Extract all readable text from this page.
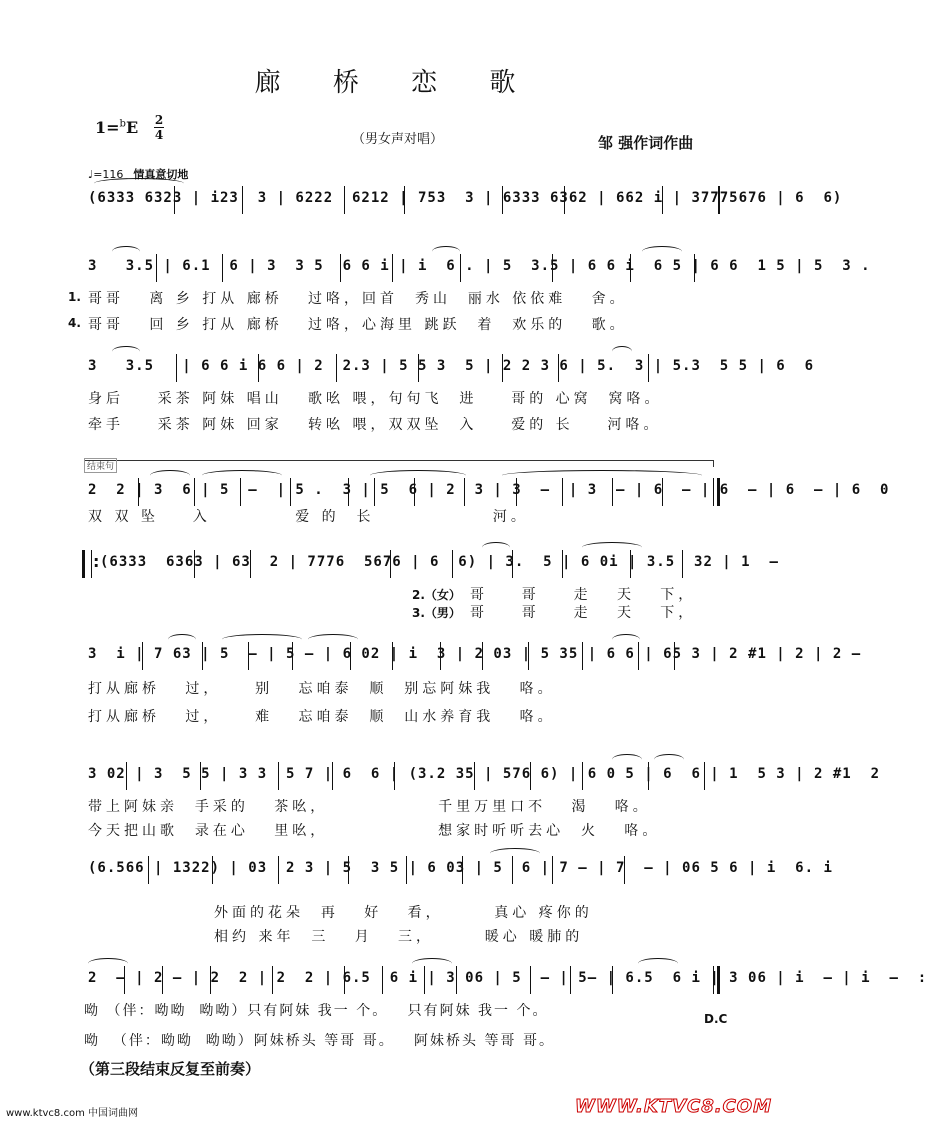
廊 桥 恋 歌
1=$^b$E 2
4	（男女声对唱）	邹 强作词作曲
♩=116 情真意切地
(6333 6323 | i23  3 | 6222  6212 | 753  3 | 6333 6362 | 662 i | 37775676 | 6  6)
3   3.5 | 6.1  6 | 3  3 5  6 6 i | i  6 . | 5  3.5 | 6 6 i  6 5 | 6 6  1 5 | 5  3 .
1. 哥哥   离 乡 打从 廊桥   过咯，回首  秀山  丽水 依依难   舍。
4. 哥哥   回 乡 打从 廊桥   过咯，心海里 跳跃  着  欢乐的   歌。
3   3.5   | 6 6 i 6 6 | 2  2.3 | 5 5 3  5 | 2 2 3 6 | 5.  3 | 5.3  5 5 | 6  6
身后    采茶 阿妹 唱山   歌吆 喂，句句飞  进    哥的 心窝  窝咯。
牵手    采茶 阿妹 回家   转吆 喂，双双坠  入    爱的 长    河咯。
结束句
2  2 | 3  6 | 5  –  | 5 .  3 | 5  6 | 2  3 | 3  –  | 3  – | 6  – | 6  – | 6  – | 6  0
双 双 坠    入          爱 的  长              河。
:
(6333  6363 | 63  2 | 7776  5676 | 6  6) | 3.  5 | 6 0i | 3.5  32 | 1  –
2.（女） 哥    哥    走   天   下，
3.（男） 哥    哥    走   天   下，
3  i | 7 63 | 5  – | 5 – | 6 02 | i  3 | 2 03 | 5 35 | 6 6 | 65 3 | 2 #1 | 2 | 2 –
打从廊桥   过，    别   忘咱泰  顺  别忘阿妹我   咯。
打从廊桥   过，    难   忘咱泰  顺  山水养育我   咯。
3 02 | 3  5 5 | 3 3  5 7 | 6  6 | (3.2 35 | 576 6) | 6 0 5 | 6  6 | 1  5 3 | 2 #1  2
带上阿妹亲  手采的   茶吆，             千里万里口不   渴   咯。
今天把山歌  录在心   里吆，             想家时听听去心  火   咯。
(6.566 | 1322) | 03  2 3 | 5  3 5 | 6 03 | 5  6 | 7 – | 7  – | 06 5 6 | i  6. i
外面的花朵  再   好   看，      真心 疼你的
相约 来年  三   月   三，      暖心 暖肺的
2  – | 2 – | 2  2 | 2  2 | 6.5  6 i | 3 06 | 5  – | 5– | 6.5  6 i | 3 06 | i  – | i  –  :
呦 （伴：呦呦  呦呦）只有阿妹 我一 个。   只有阿妹 我一 个。
呦  （伴：呦呦  呦呦）阿妹桥头 等哥 哥。   阿妹桥头 等哥 哥。
D.C
（第三段结束反复至前奏）
www.ktvc8.com 中国词曲网	WWW.KTVC8.COM
